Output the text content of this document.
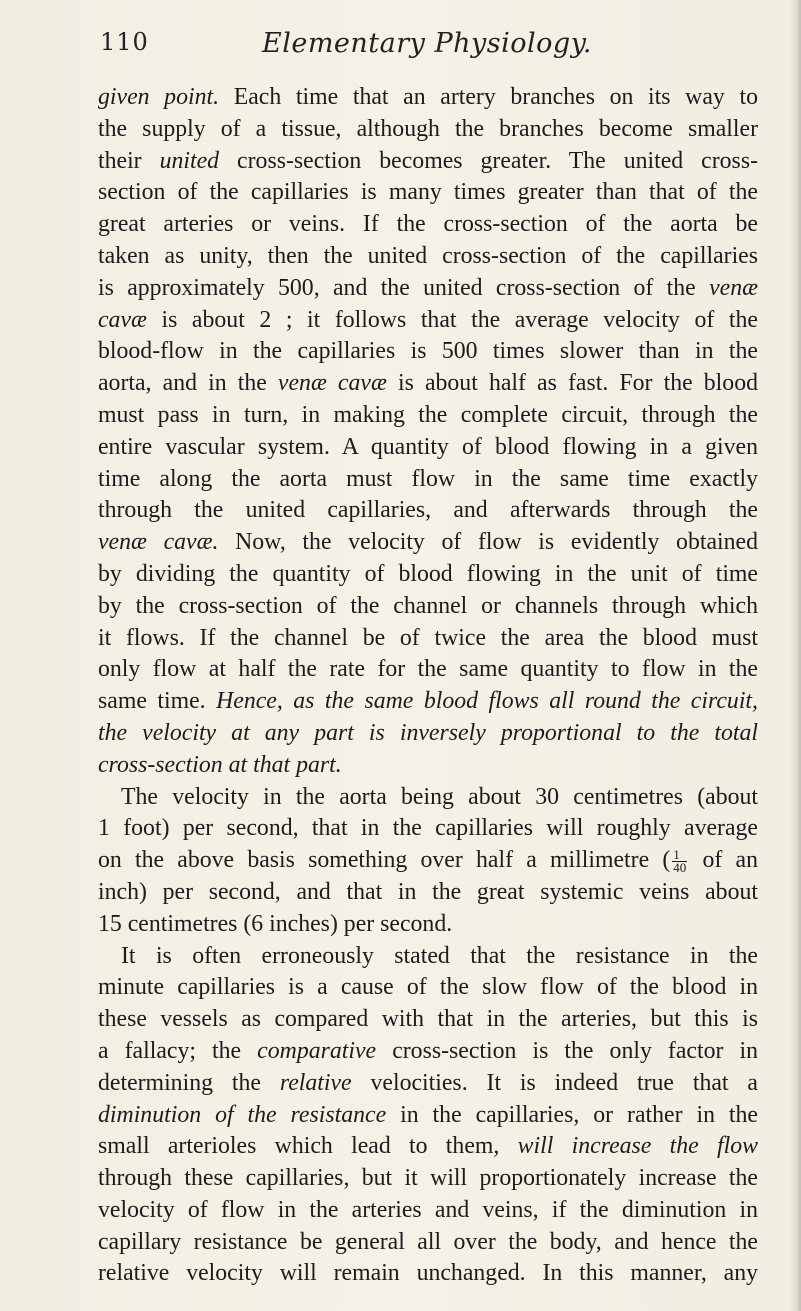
110	Elementary Physiology.
given point. Each time that an artery branches on its way to
the supply of a tissue, although the branches become smaller
their united cross-section becomes greater. The united cross-
section of the capillaries is many times greater than that of the
great arteries or veins. If the cross-section of the aorta be
taken as unity, then the united cross-section of the capillaries
is approximately 500, and the united cross-section of the venæ
cavæ is about 2 ; it follows that the average velocity of the
blood-flow in the capillaries is 500 times slower than in the
aorta, and in the venæ cavæ is about half as fast. For the blood
must pass in turn, in making the complete circuit, through the
entire vascular system. A quantity of blood flowing in a given
time along the aorta must flow in the same time exactly
through the united capillaries, and afterwards through the
venæ cavæ. Now, the velocity of flow is evidently obtained
by dividing the quantity of blood flowing in the unit of time
by the cross-section of the channel or channels through which
it flows. If the channel be of twice the area the blood must
only flow at half the rate for the same quantity to flow in the
same time. Hence, as the same blood flows all round the circuit,
the velocity at any part is inversely proportional to the total
cross-section at that part.
The velocity in the aorta being about 30 centimetres (about
1 foot) per second, that in the capillaries will roughly average
on the above basis something over half a millimetre ( $\frac{1}{40}$ of an
inch) per second, and that in the great systemic veins about
15 centimetres (6 inches) per second.
It is often erroneously stated that the resistance in the
minute capillaries is a cause of the slow flow of the blood in
these vessels as compared with that in the arteries, but this is
a fallacy; the comparative cross-section is the only factor in
determining the relative velocities. It is indeed true that a
diminution of the resistance in the capillaries, or rather in the
small arterioles which lead to them, will increase the flow
through these capillaries, but it will proportionately increase the
velocity of flow in the arteries and veins, if the diminution in
capillary resistance be general all over the body, and hence the
relative velocity will remain unchanged. In this manner, any
